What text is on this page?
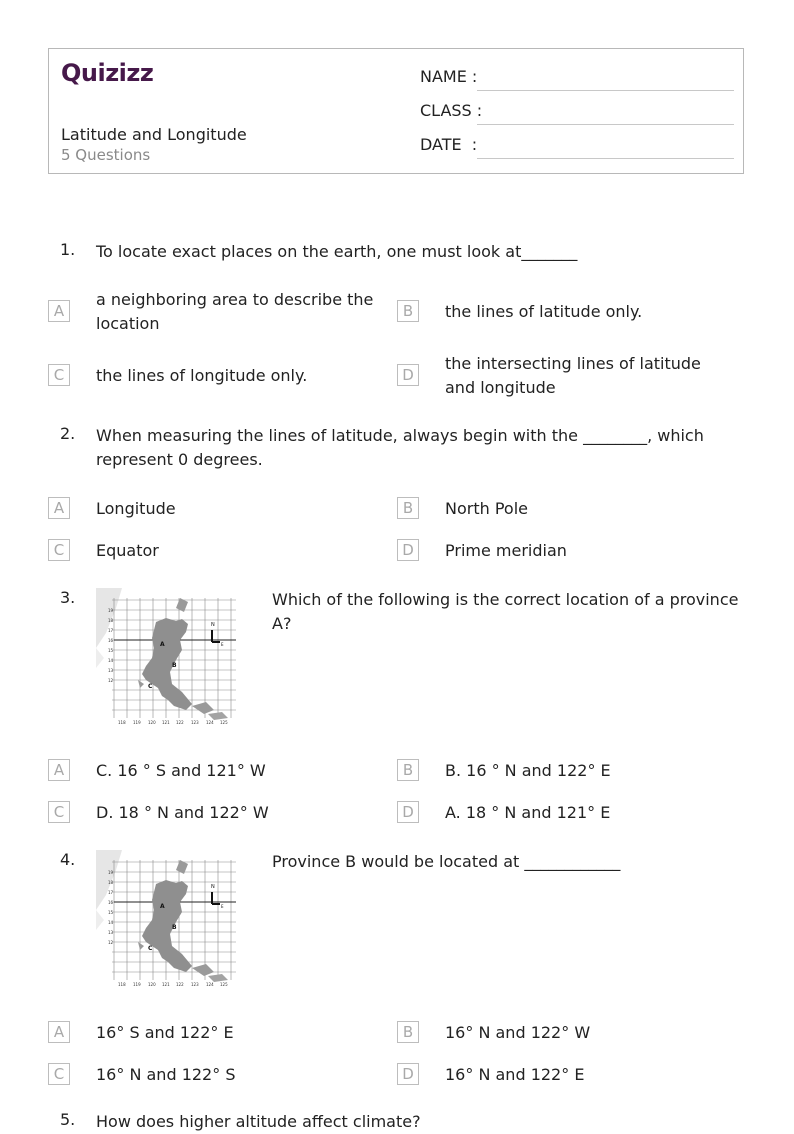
Quizizz
Latitude and Longitude
5 Questions
NAME :
CLASS :
DATE  :
1. To locate exact places on the earth, one must look at_______
A
a neighboring area to describe the location
B	the lines of latitude only.
C	the lines of longitude only.	D
the intersecting lines of latitude and longitude
2. When measuring the lines of latitude, always begin with the ________, which represent 0 degrees.
A	Longitude	B	North Pole
C	Equator	D	Prime meridian
3.
A
B
C
N
E
19
18
17
16
15
14
13
12
118 119 120 121 122 123 124 125
Which of the following is the correct location of a province A?
A	C. 16 ° S and 121° W	B	B. 16 ° N and 122° E
C	D. 18 ° N and 122° W	D	A. 18 ° N and 121° E
4.
A
B
C
N
E
19
18
17
16
15
14
13
12
118 119 120 121 122 123 124 125
Province B would be located at ____________
A	16° S and 122° E	B	16° N and 122° W
C	16° N and 122° S	D	16° N and 122° E
5. How does higher altitude affect climate?
